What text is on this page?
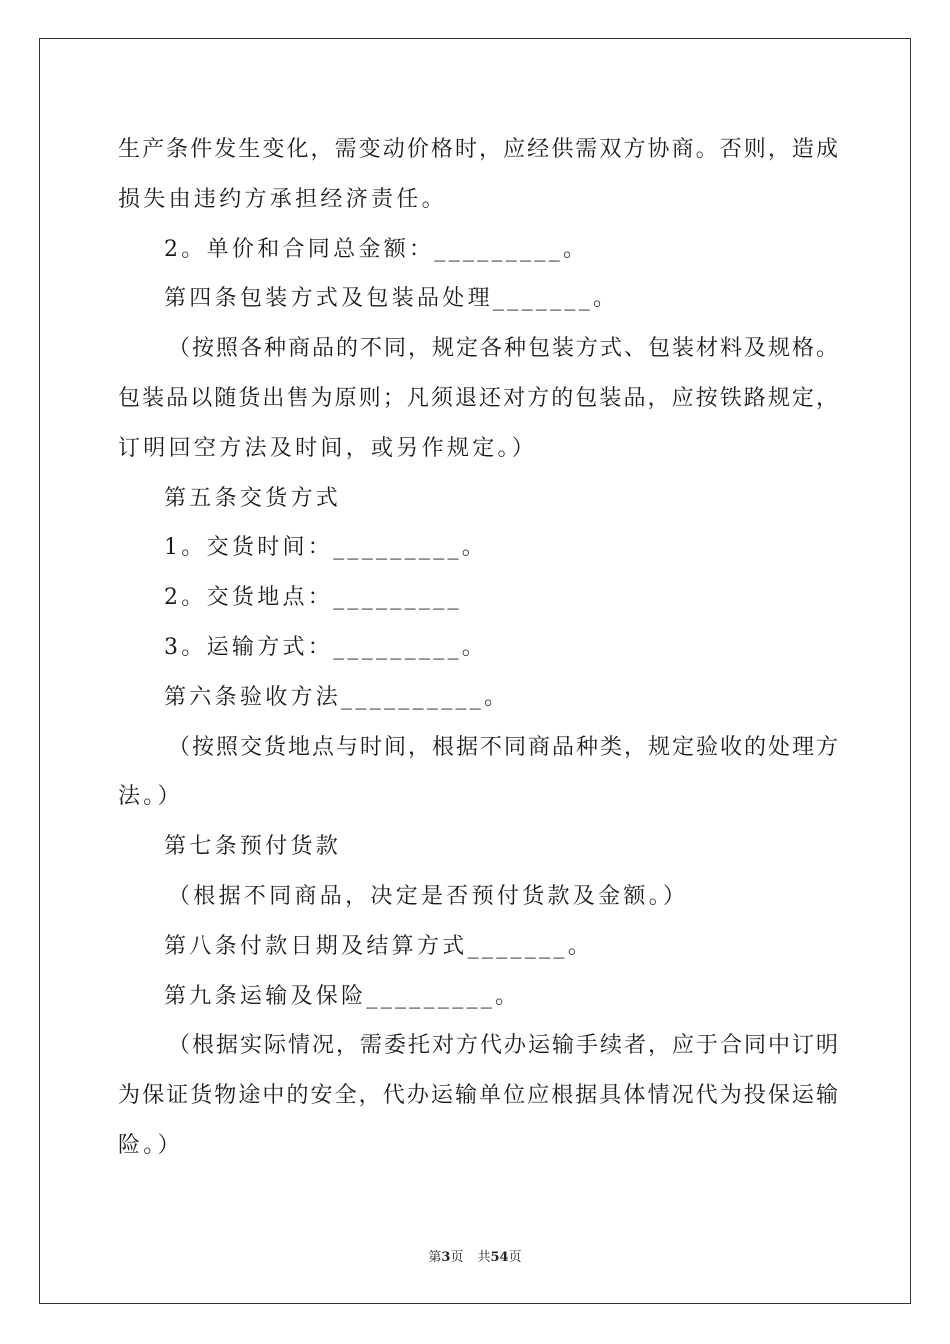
生产条件发生变化，需变动价格时，应经供需双方协商。否则，造成
损失由违约方承担经济责任。
2。单价和合同总金额：_________。
第四条包装方式及包装品处理_______。
（按照各种商品的不同，规定各种包装方式、包装材料及规格。
包装品以随货出售为原则；凡须退还对方的包装品，应按铁路规定，
订明回空方法及时间，或另作规定。）
第五条交货方式
1。交货时间：_________。
2。交货地点：_________
3。运输方式：_________。
第六条验收方法__________。
（按照交货地点与时间，根据不同商品种类，规定验收的处理方
法。）
第七条预付货款
（根据不同商品，决定是否预付货款及金额。）
第八条付款日期及结算方式_______。
第九条运输及保险_________。
（根据实际情况，需委托对方代办运输手续者，应于合同中订明
为保证货物途中的安全，代办运输单位应根据具体情况代为投保运输
险。）
第3页 共54页
